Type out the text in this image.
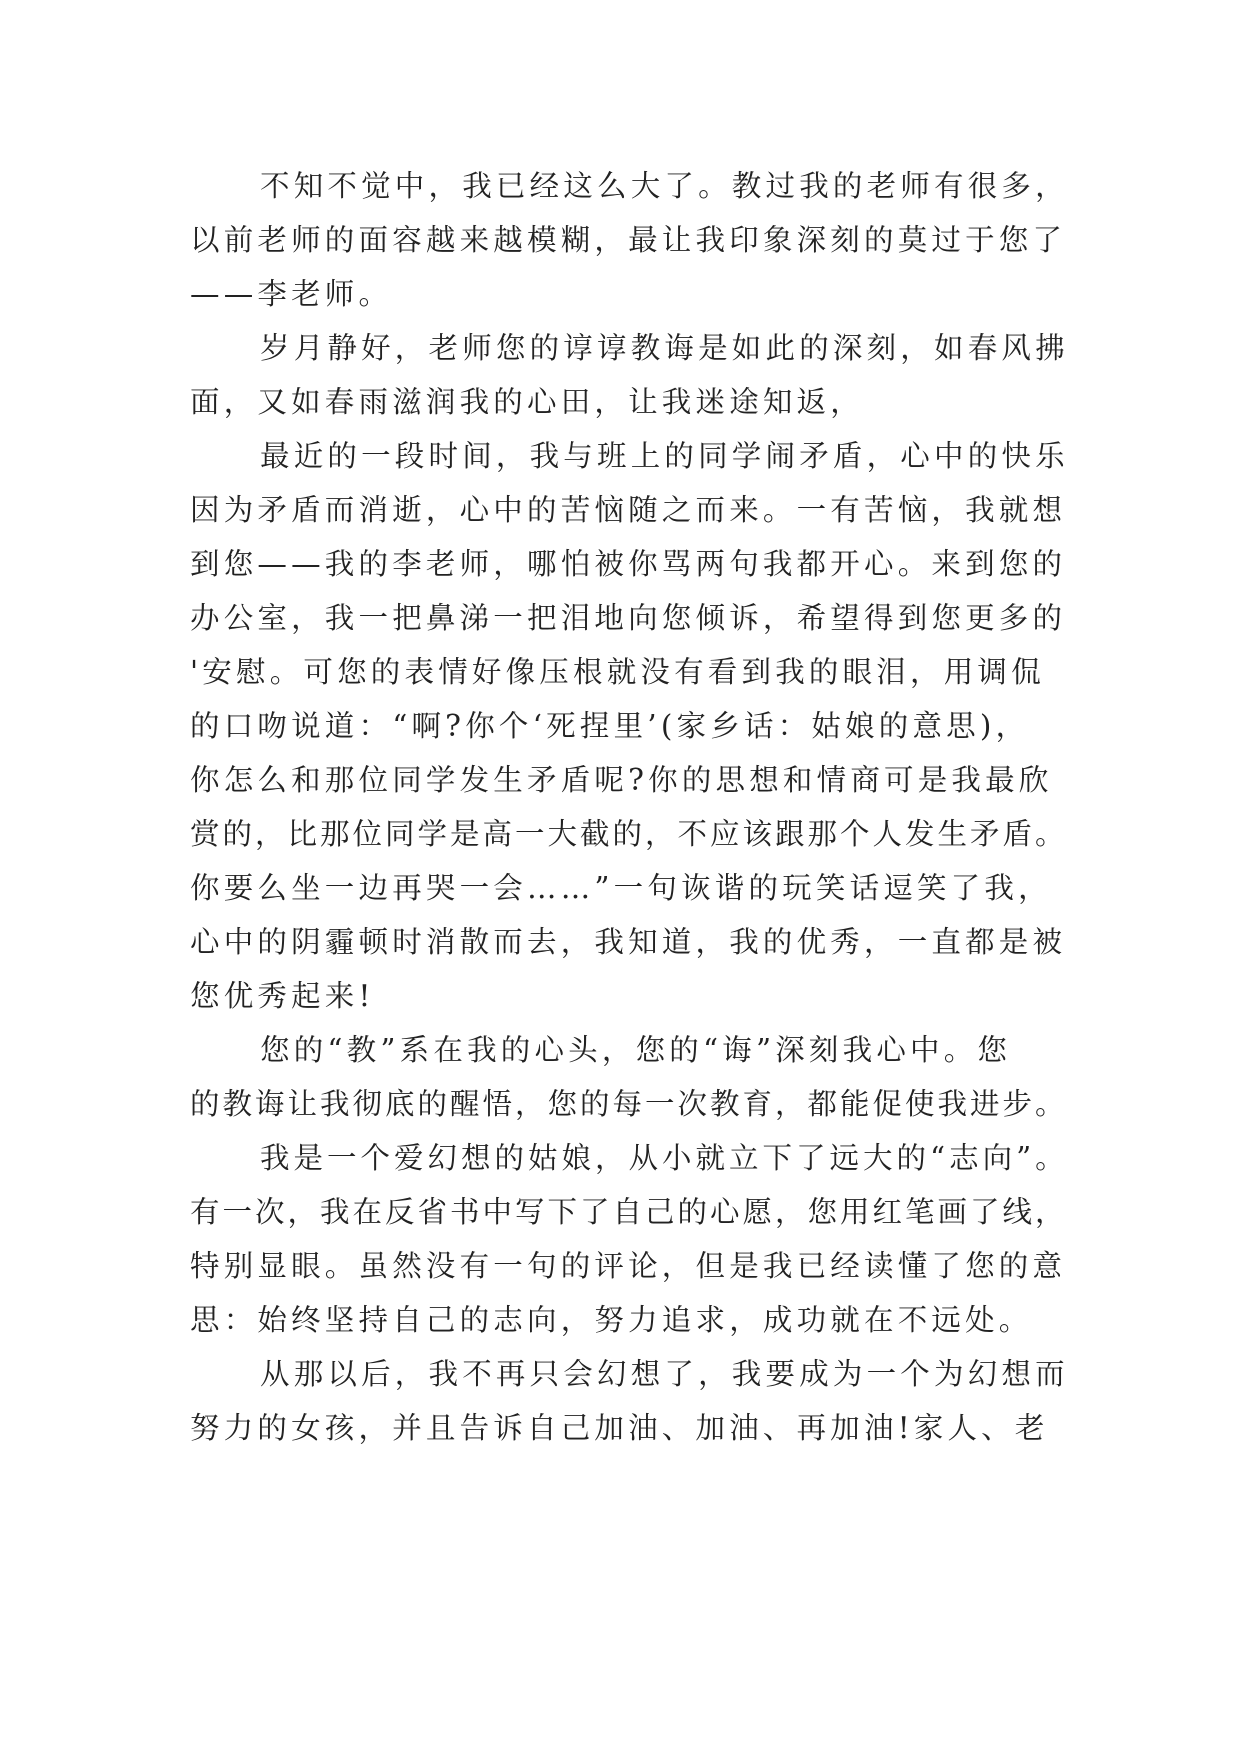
不知不觉中，我已经这么大了。教过我的老师有很多，
以前老师的面容越来越模糊，最让我印象深刻的莫过于您了
——李老师。
岁月静好，老师您的谆谆教诲是如此的深刻，如春风拂
面，又如春雨滋润我的心田，让我迷途知返，
最近的一段时间，我与班上的同学闹矛盾，心中的快乐
因为矛盾而消逝，心中的苦恼随之而来。一有苦恼，我就想
到您——我的李老师，哪怕被你骂两句我都开心。来到您的
办公室，我一把鼻涕一把泪地向您倾诉，希望得到您更多的
'安慰。可您的表情好像压根就没有看到我的眼泪，用调侃
的口吻说道：“啊?你个‘死捏里’(家乡话：姑娘的意思)，
你怎么和那位同学发生矛盾呢?你的思想和情商可是我最欣
赏的，比那位同学是高一大截的，不应该跟那个人发生矛盾。
你要么坐一边再哭一会……”一句诙谐的玩笑话逗笑了我，
心中的阴霾顿时消散而去，我知道，我的优秀，一直都是被
您优秀起来!
您的“教”系在我的心头，您的“诲”深刻我心中。您
的教诲让我彻底的醒悟，您的每一次教育，都能促使我进步。
我是一个爱幻想的姑娘，从小就立下了远大的“志向”。
有一次，我在反省书中写下了自己的心愿，您用红笔画了线，
特别显眼。虽然没有一句的评论，但是我已经读懂了您的意
思：始终坚持自己的志向，努力追求，成功就在不远处。
从那以后，我不再只会幻想了，我要成为一个为幻想而
努力的女孩，并且告诉自己加油、加油、再加油!家人、老
